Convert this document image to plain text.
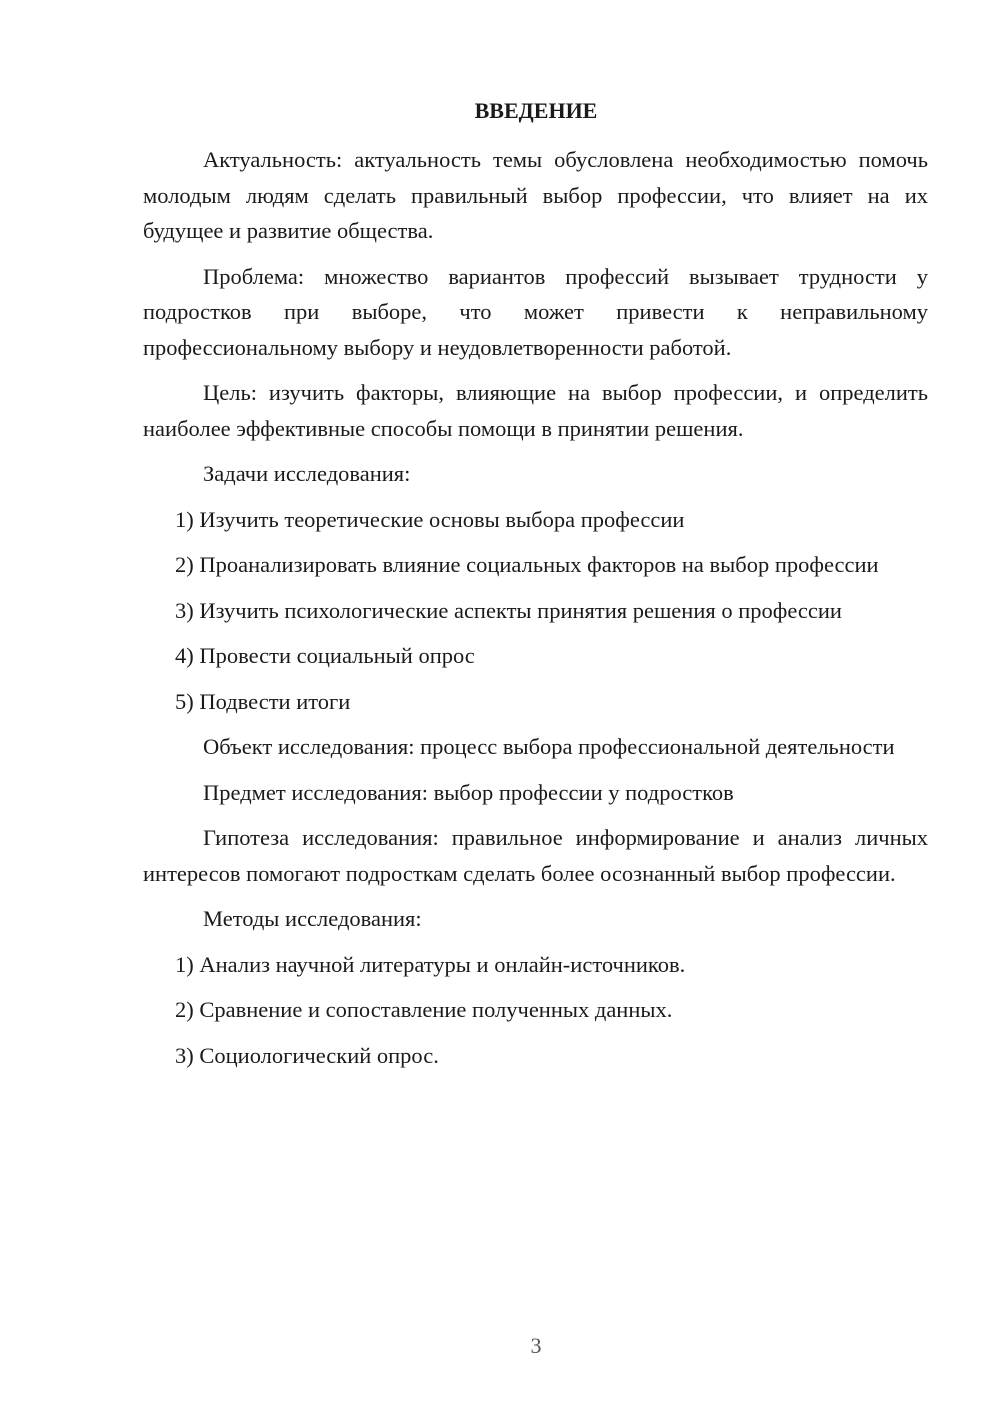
ВВЕДЕНИЕ

Актуальность: актуальность темы обусловлена необходимостью помочь молодым людям сделать правильный выбор профессии, что влияет на их будущее и развитие общества.

Проблема: множество вариантов профессий вызывает трудности у подростков при выборе, что может привести к неправильному профессиональному выбору и неудовлетворенности работой.

Цель: изучить факторы, влияющие на выбор профессии, и определить наиболее эффективные способы помощи в принятии решения.

Задачи исследования:

1) Изучить теоретические основы выбора профессии

2) Проанализировать влияние социальных факторов на выбор профессии

3) Изучить психологические аспекты принятия решения о профессии

4) Провести социальный опрос

5) Подвести итоги

Объект исследования: процесс выбора профессиональной деятельности

Предмет исследования: выбор профессии у подростков

Гипотеза исследования: правильное информирование и анализ личных интересов помогают подросткам сделать более осознанный выбор профессии.

Методы исследования:

1) Анализ научной литературы и онлайн-источников.

2) Сравнение и сопоставление полученных данных.

3) Социологический опрос.

3
